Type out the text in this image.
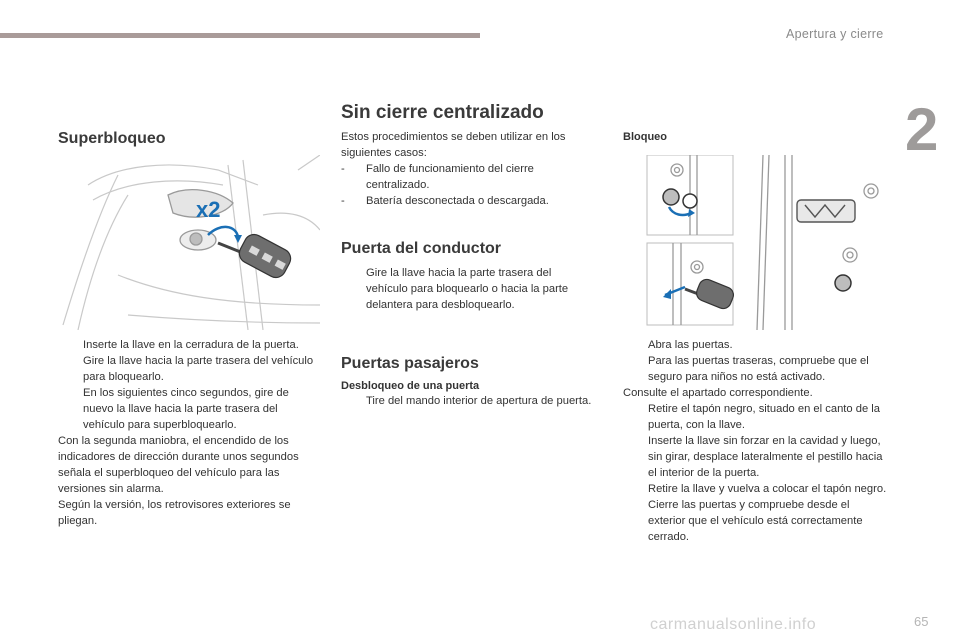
Apertura y cierre
2
Superbloqueo
x2
Inserte la llave en la cerradura de la puerta.
Gire la llave hacia la parte trasera del vehículo para bloquearlo.
En los siguientes cinco segundos, gire de nuevo la llave hacia la parte trasera del vehículo para superbloquearlo.
Con la segunda maniobra, el encendido de los indicadores de dirección durante unos segundos señala el superbloqueo del vehículo para las versiones sin alarma.
Según la versión, los retrovisores exteriores se pliegan.
Sin cierre centralizado
Estos procedimientos se deben utilizar en los siguientes casos:
- Fallo de funcionamiento del cierre centralizado.
- Batería desconectada o descargada.
Puerta del conductor
Gire la llave hacia la parte trasera del vehículo para bloquearlo o hacia la parte delantera para desbloquearlo.
Puertas pasajeros
Desbloqueo de una puerta
Tire del mando interior de apertura de puerta.
Bloqueo
Abra las puertas.
Para las puertas traseras, compruebe que el seguro para niños no está activado.
Consulte el apartado correspondiente.
Retire el tapón negro, situado en el canto de la puerta, con la llave.
Inserte la llave sin forzar en la cavidad y luego, sin girar, desplace lateralmente el pestillo hacia el interior de la puerta.
Retire la llave y vuelva a colocar el tapón negro.
Cierre las puertas y compruebe desde el exterior que el vehículo está correctamente cerrado.
carmanualsonline.info	65
